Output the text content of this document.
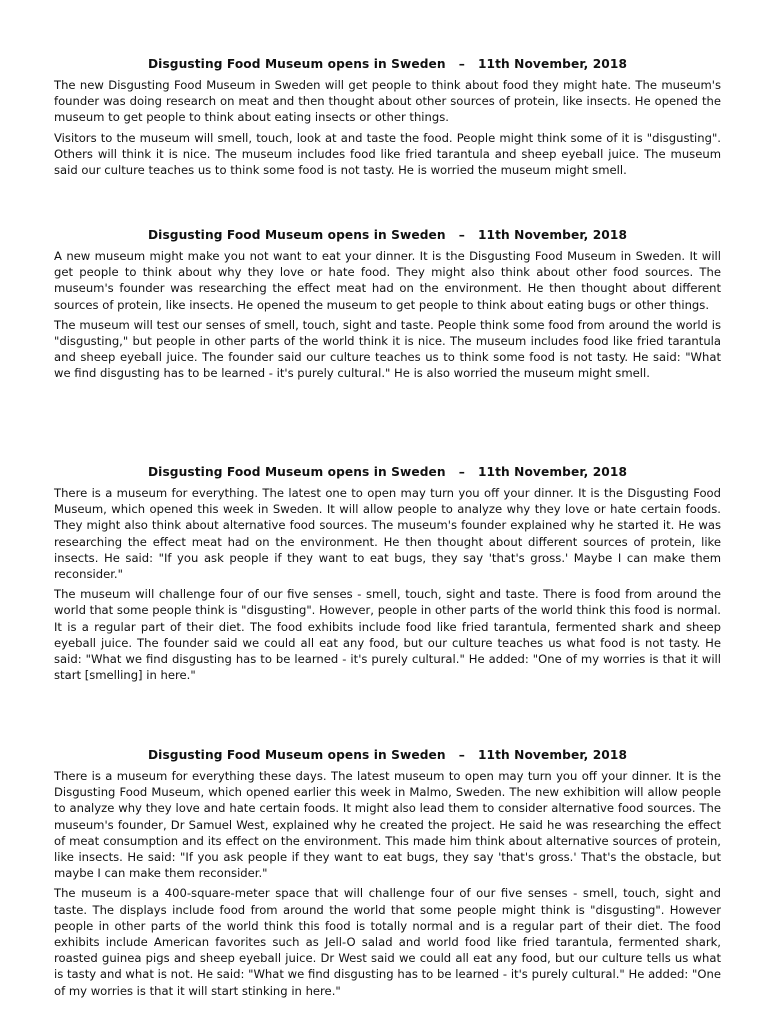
Disgusting Food Museum opens in Sweden   –   11th November, 2018

The new Disgusting Food Museum in Sweden will get people to think about food they might hate. The museum's founder was doing research on meat and then thought about other sources of protein, like insects. He opened the museum to get people to think about eating insects or other things.

Visitors to the museum will smell, touch, look at and taste the food. People might think some of it is "disgusting". Others will think it is nice. The museum includes food like fried tarantula and sheep eyeball juice. The museum said our culture teaches us to think some food is not tasty. He is worried the museum might smell.

Disgusting Food Museum opens in Sweden   –   11th November, 2018

A new museum might make you not want to eat your dinner. It is the Disgusting Food Museum in Sweden. It will get people to think about why they love or hate food. They might also think about other food sources. The museum's founder was researching the effect meat had on the environment. He then thought about different sources of protein, like insects. He opened the museum to get people to think about eating bugs or other things.

The museum will test our senses of smell, touch, sight and taste. People think some food from around the world is "disgusting," but people in other parts of the world think it is nice. The museum includes food like fried tarantula and sheep eyeball juice. The founder said our culture teaches us to think some food is not tasty. He said: "What we find disgusting has to be learned - it's purely cultural." He is also worried the museum might smell.

Disgusting Food Museum opens in Sweden   –   11th November, 2018

There is a museum for everything. The latest one to open may turn you off your dinner. It is the Disgusting Food Museum, which opened this week in Sweden. It will allow people to analyze why they love or hate certain foods. They might also think about alternative food sources. The museum's founder explained why he started it. He was researching the effect meat had on the environment. He then thought about different sources of protein, like insects. He said: "If you ask people if they want to eat bugs, they say 'that's gross.' Maybe I can make them reconsider."

The museum will challenge four of our five senses - smell, touch, sight and taste. There is food from around the world that some people think is "disgusting". However, people in other parts of the world think this food is normal. It is a regular part of their diet. The food exhibits include food like fried tarantula, fermented shark and sheep eyeball juice. The founder said we could all eat any food, but our culture teaches us what food is not tasty. He said: "What we find disgusting has to be learned - it's purely cultural." He added: "One of my worries is that it will start [smelling] in here."

Disgusting Food Museum opens in Sweden   –   11th November, 2018

There is a museum for everything these days. The latest museum to open may turn you off your dinner. It is the Disgusting Food Museum, which opened earlier this week in Malmo, Sweden. The new exhibition will allow people to analyze why they love and hate certain foods. It might also lead them to consider alternative food sources. The museum's founder, Dr Samuel West, explained why he created the project. He said he was researching the effect of meat consumption and its effect on the environment. This made him think about alternative sources of protein, like insects. He said: "If you ask people if they want to eat bugs, they say 'that's gross.' That's the obstacle, but maybe I can make them reconsider."

The museum is a 400-square-meter space that will challenge four of our five senses - smell, touch, sight and taste. The displays include food from around the world that some people might think is "disgusting". However people in other parts of the world think this food is totally normal and is a regular part of their diet. The food exhibits include American favorites such as Jell-O salad and world food like fried tarantula, fermented shark, roasted guinea pigs and sheep eyeball juice. Dr West said we could all eat any food, but our culture tells us what is tasty and what is not. He said: "What we find disgusting has to be learned - it's purely cultural." He added: "One of my worries is that it will start stinking in here."
